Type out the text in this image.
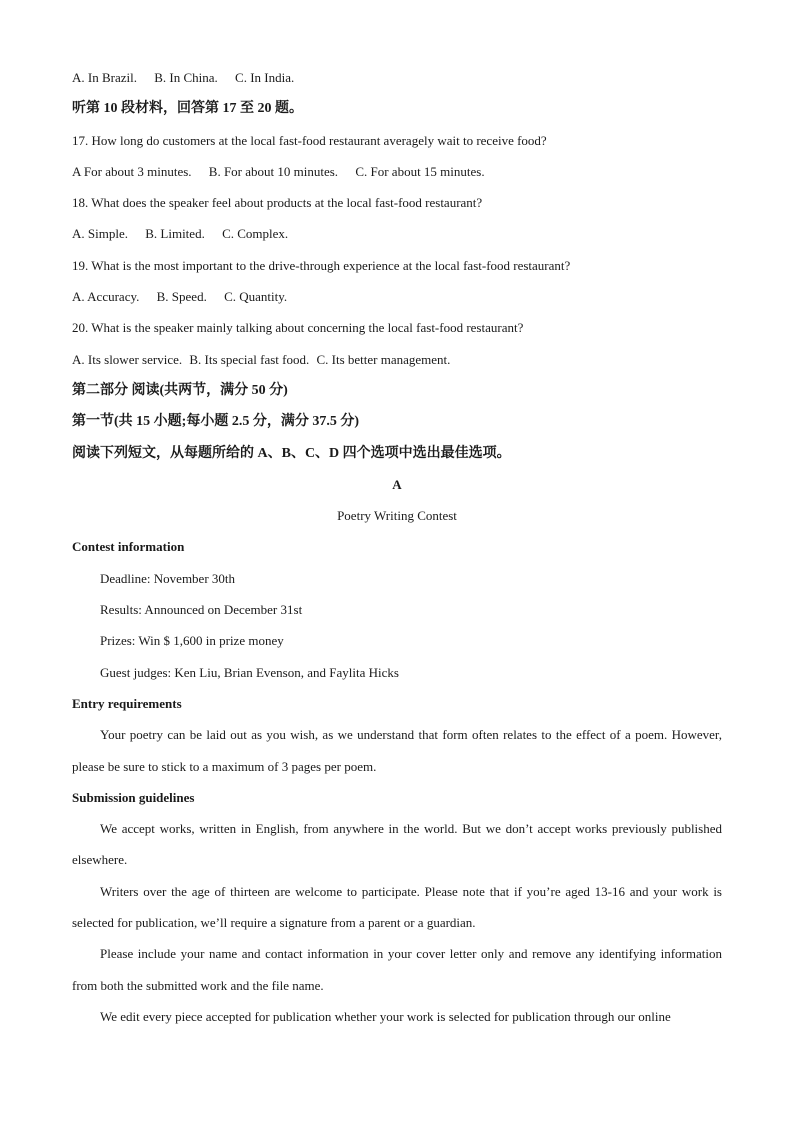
A. In Brazil. B. In China. C. In India.
听第 10 段材料，回答第 17 至 20 题。
17. How long do customers at the local fast-food restaurant averagely wait to receive food?
A For about 3 minutes. B. For about 10 minutes. C. For about 15 minutes.
18. What does the speaker feel about products at the local fast-food restaurant?
A. Simple. B. Limited. C. Complex.
19. What is the most important to the drive-through experience at the local fast-food restaurant?
A. Accuracy. B. Speed. C. Quantity.
20. What is the speaker mainly talking about concerning the local fast-food restaurant?
A. Its slower service. B. Its special fast food. C. Its better management.
第二部分 阅读(共两节，满分 50 分)
第一节(共 15 小题;每小题 2.5 分，满分 37.5 分)
阅读下列短文，从每题所给的 A、B、C、D 四个选项中选出最佳选项。
A
Poetry Writing Contest
Contest information
Deadline: November 30th
Results: Announced on December 31st
Prizes: Win $ 1,600 in prize money
Guest judges: Ken Liu, Brian Evenson, and Faylita Hicks
Entry requirements
Your poetry can be laid out as you wish, as we understand that form often relates to the effect of a poem. However, please be sure to stick to a maximum of 3 pages per poem.
Submission guidelines
We accept works, written in English, from anywhere in the world. But we don’t accept works previously published elsewhere.
Writers over the age of thirteen are welcome to participate. Please note that if you’re aged 13-16 and your work is selected for publication, we’ll require a signature from a parent or a guardian.
Please include your name and contact information in your cover letter only and remove any identifying information from both the submitted work and the file name.
We edit every piece accepted for publication whether your work is selected for publication through our online
